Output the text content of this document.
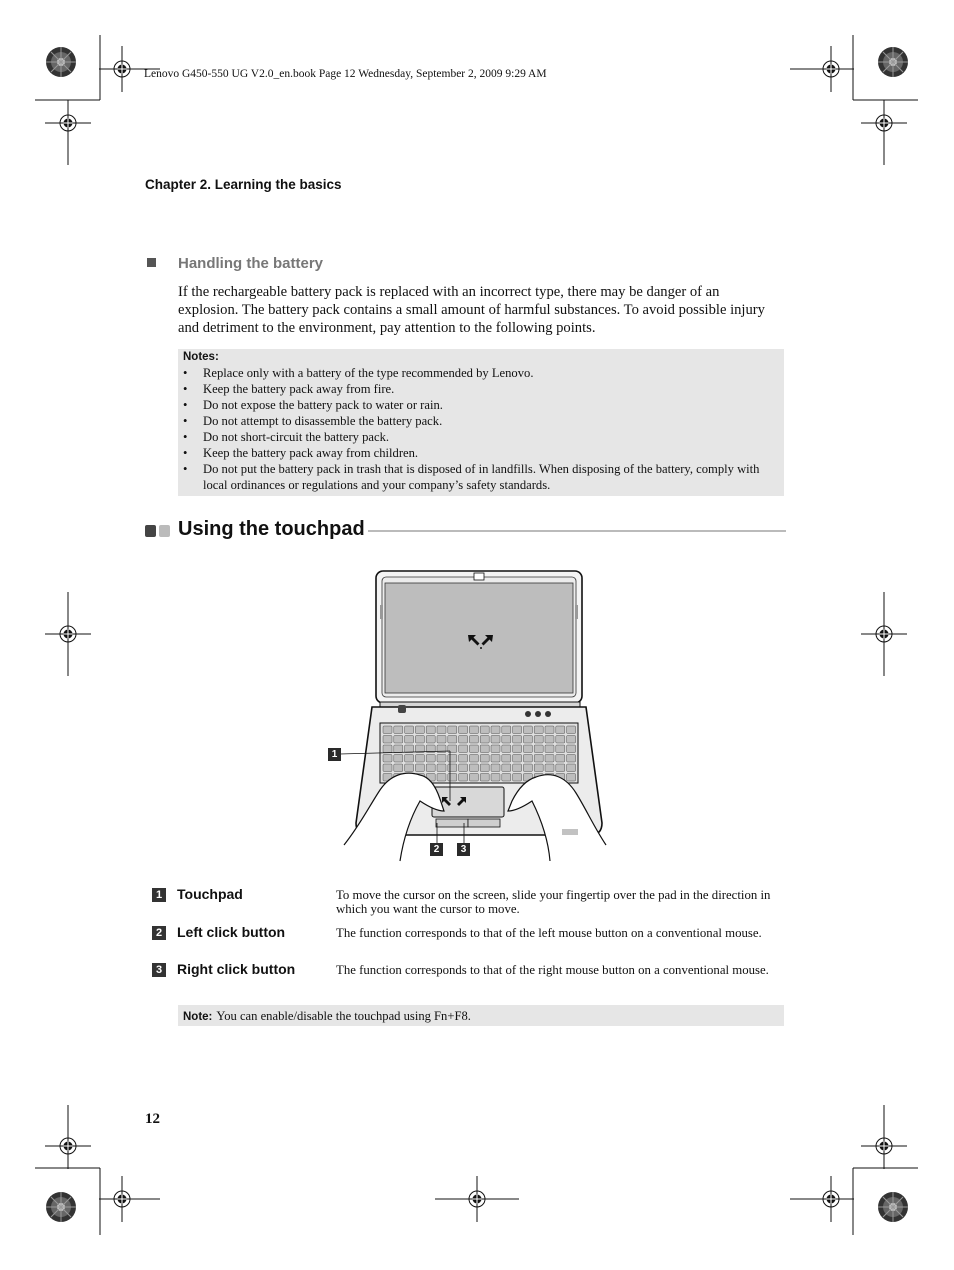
Lenovo G450-550 UG V2.0_en.book Page 12 Wednesday, September 2, 2009 9:29 AM
Chapter 2. Learning the basics
Handling the battery
If the rechargeable battery pack is replaced with an incorrect type, there may be danger of an explosion. The battery pack contains a small amount of harmful substances. To avoid possible injury and detriment to the environment, pay attention to the following points.
Notes:
• Replace only with a battery of the type recommended by Lenovo.
• Keep the battery pack away from fire.
• Do not expose the battery pack to water or rain.
• Do not attempt to disassemble the battery pack.
• Do not short-circuit the battery pack.
• Keep the battery pack away from children.
• Do not put the battery pack in trash that is disposed of in landfills. When disposing of the battery, comply with local ordinances or regulations and your company’s safety standards.
Using the touchpad
1
2	3
1 Touchpad	To move the cursor on the screen, slide your fingertip over the pad in the direction in which you want the cursor to move.
2 Left click button	The function corresponds to that of the left mouse button on a conventional mouse.
3 Right click button	The function corresponds to that of the right mouse button on a conventional mouse.
Note: You can enable/disable the touchpad using Fn+F8.
12
